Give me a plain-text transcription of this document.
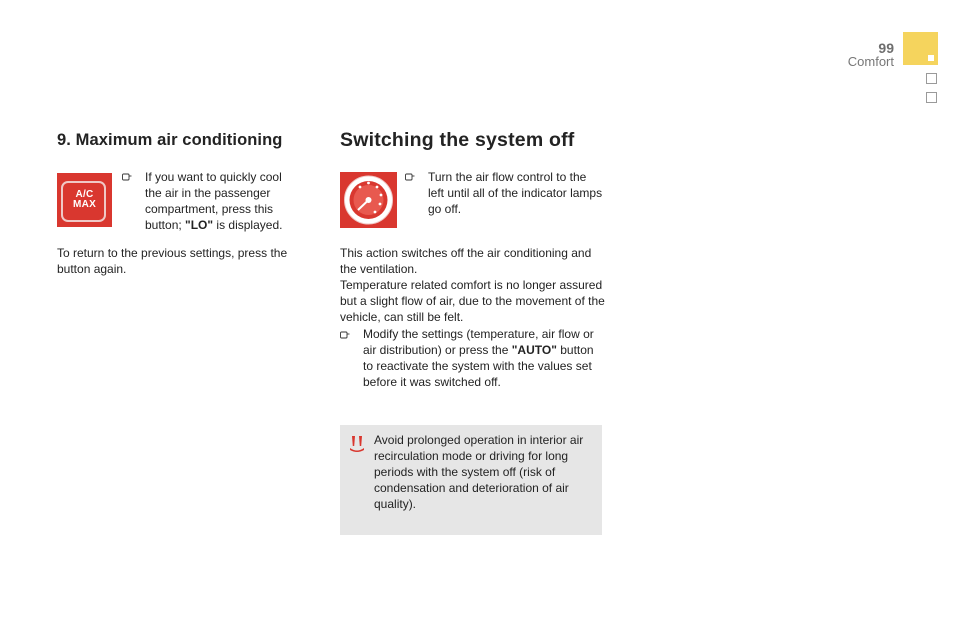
99
Comfort
9. Maximum air conditioning
A/C
MAX
If you want to quickly cool the air in the passenger compartment, press this button; "LO" is displayed.
To return to the previous settings, press the button again.
Switching the system off
Turn the air flow control to the left until all of the indicator lamps go off.
This action switches off the air conditioning and the ventilation.
Temperature related comfort is no longer assured but a slight flow of air, due to the movement of the vehicle, can still be felt.
Modify the settings (temperature, air flow or air distribution) or press the "AUTO" button to reactivate the system with the values set before it was switched off.
Avoid prolonged operation in interior air recirculation mode or driving for long periods with the system off (risk of condensation and deterioration of air quality).
